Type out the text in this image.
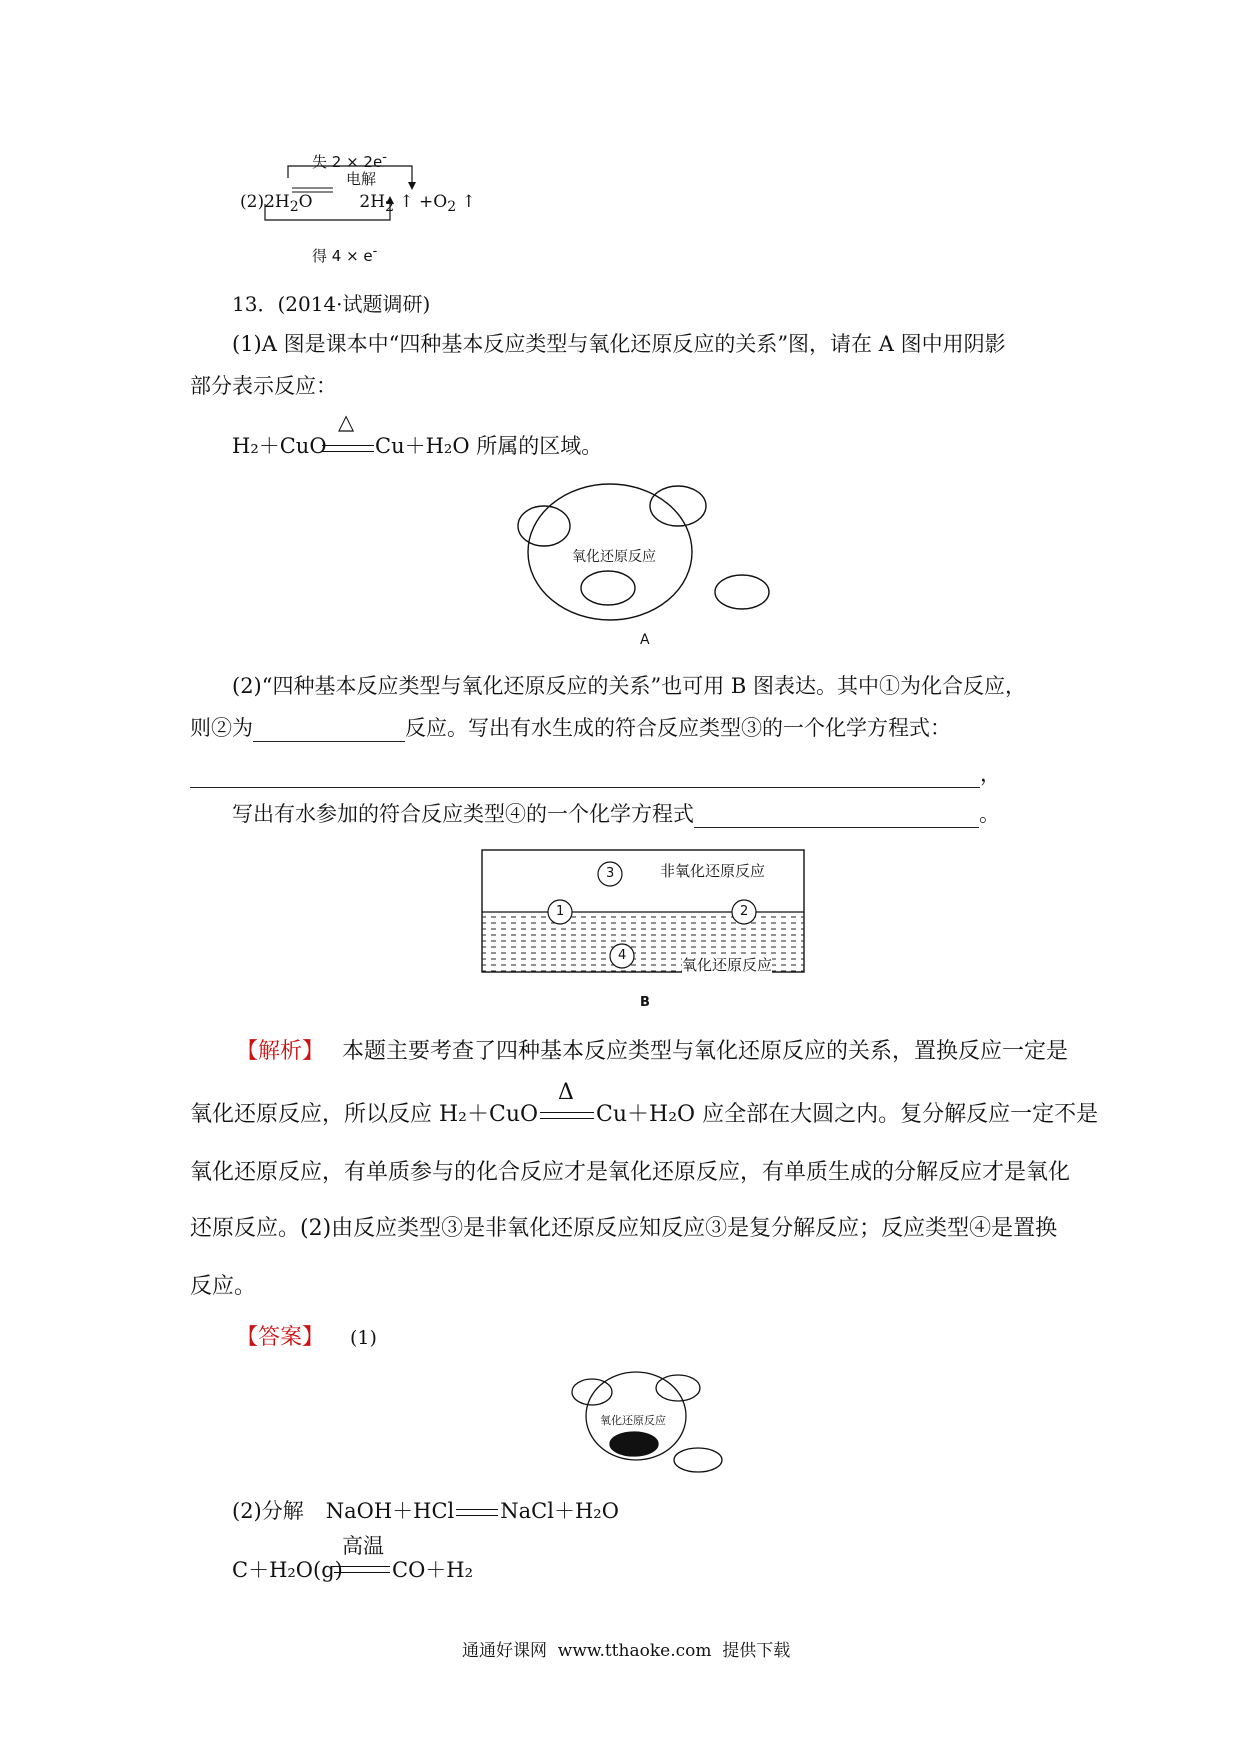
失 2 × 2e-
电解
$(2)2H_2O$	$2H_2$ ↑ $+O_2$ ↑
得 4 × e-
13．(2014·试题调研)
(1)A 图是课本中“四种基本反应类型与氧化还原反应的关系”图，请在 A 图中用阴影
部分表示反应：
H₂＋CuO
△
Cu＋H₂O 所属的区域。
氧化还原反应
A
(2)“四种基本反应类型与氧化还原反应的关系”也可用 B 图表达。其中①为化合反应，
则②为	反应。写出有水生成的符合反应类型③的一个化学方程式：
，
写出有水参加的符合反应类型④的一个化学方程式	。
3
1	2
4
非氧化还原反应
氧化还原反应
B
【解析】 本题主要考查了四种基本反应类型与氧化还原反应的关系，置换反应一定是
氧化还原反应，所以反应 H₂＋CuO
Δ
Cu＋H₂O 应全部在大圆之内。复分解反应一定不是
氧化还原反应，有单质参与的化合反应才是氧化还原反应，有单质生成的分解反应才是氧化
还原反应。(2)由反应类型③是非氧化还原反应知反应③是复分解反应；反应类型④是置换
反应。
【答案】 (1)
氧化还原反应
(2)分解 NaOH＋HCl NaCl＋H₂O
C＋H₂O(g)
高温
CO＋H₂
通通好课网  www.tthaoke.com  提供下载
